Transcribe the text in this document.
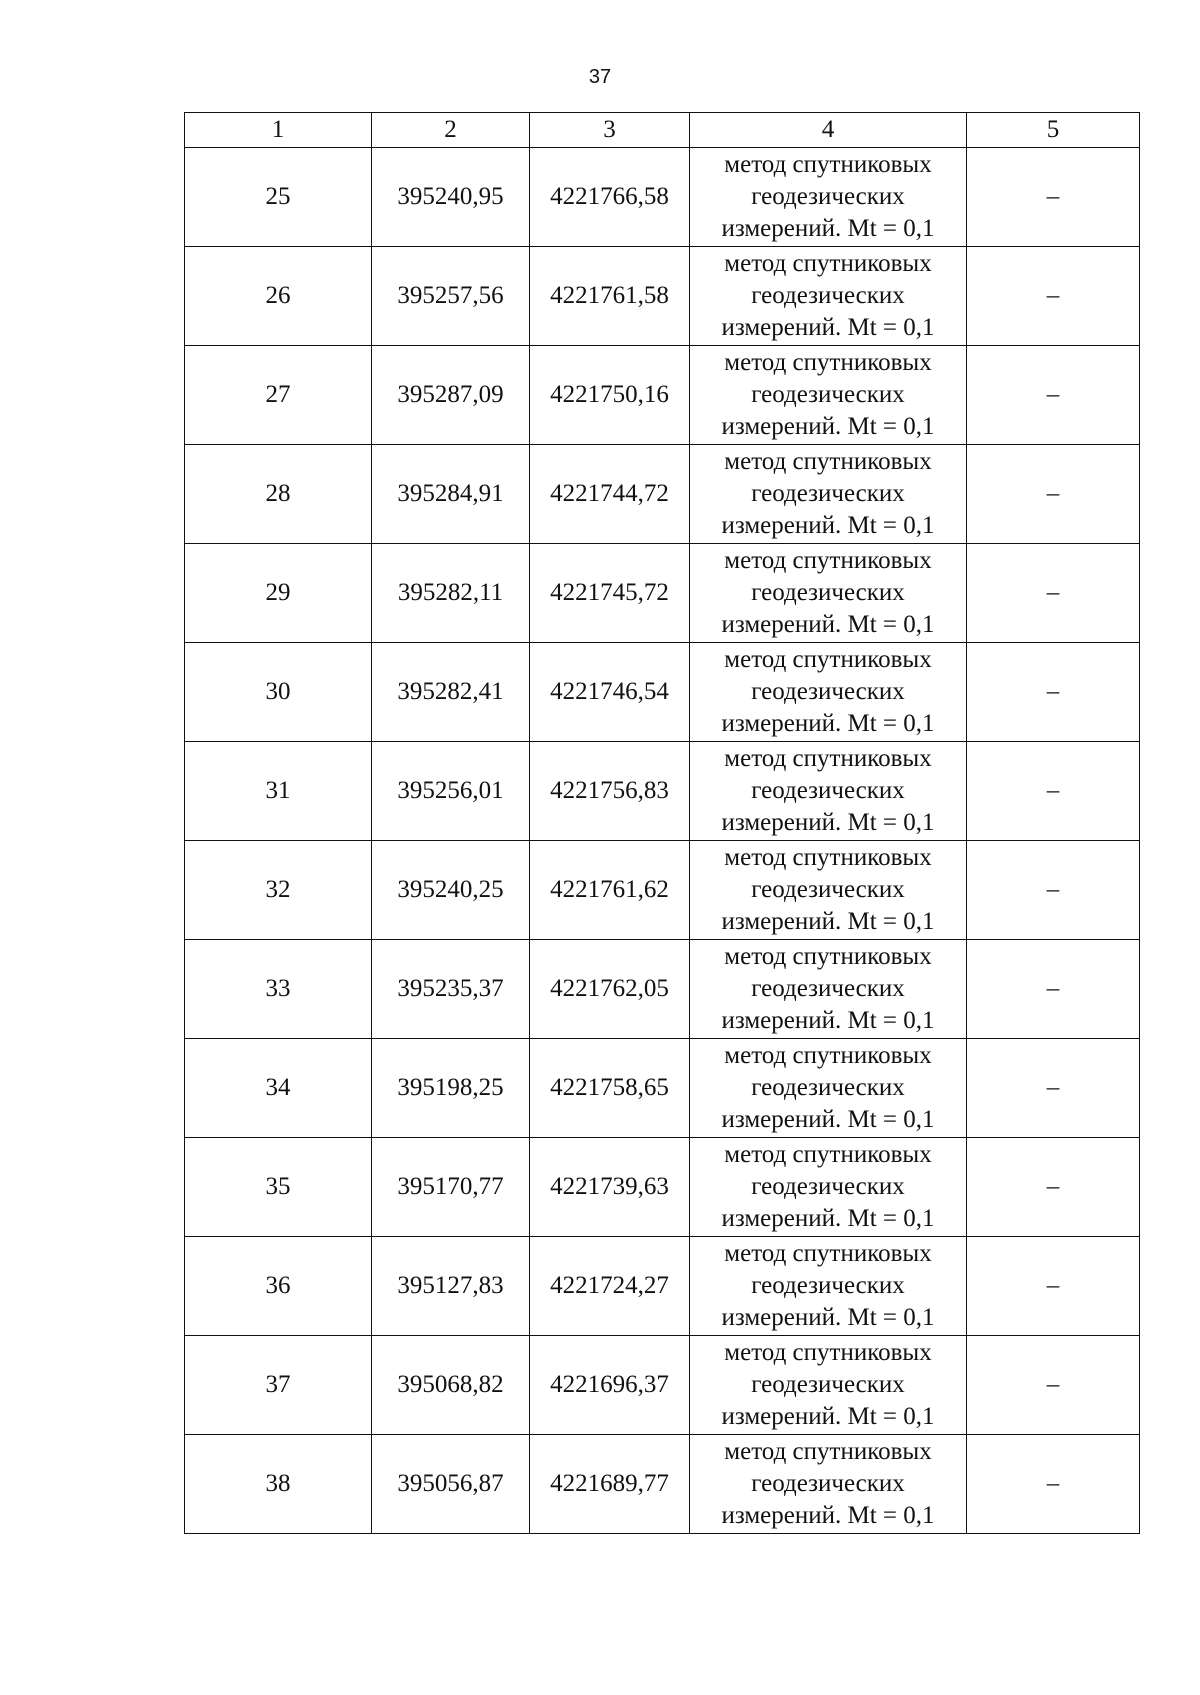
37
1	2	3	4	5
25	395240,95	4221766,58	метод спутниковых
геодезических
измерений. Mt = 0,1	–
26	395257,56	4221761,58	метод спутниковых
геодезических
измерений. Mt = 0,1	–
27	395287,09	4221750,16	метод спутниковых
геодезических
измерений. Mt = 0,1	–
28	395284,91	4221744,72	метод спутниковых
геодезических
измерений. Mt = 0,1	–
29	395282,11	4221745,72	метод спутниковых
геодезических
измерений. Mt = 0,1	–
30	395282,41	4221746,54	метод спутниковых
геодезических
измерений. Mt = 0,1	–
31	395256,01	4221756,83	метод спутниковых
геодезических
измерений. Mt = 0,1	–
32	395240,25	4221761,62	метод спутниковых
геодезических
измерений. Mt = 0,1	–
33	395235,37	4221762,05	метод спутниковых
геодезических
измерений. Mt = 0,1	–
34	395198,25	4221758,65	метод спутниковых
геодезических
измерений. Mt = 0,1	–
35	395170,77	4221739,63	метод спутниковых
геодезических
измерений. Mt = 0,1	–
36	395127,83	4221724,27	метод спутниковых
геодезических
измерений. Mt = 0,1	–
37	395068,82	4221696,37	метод спутниковых
геодезических
измерений. Mt = 0,1	–
38	395056,87	4221689,77	метод спутниковых
геодезических
измерений. Mt = 0,1	–
